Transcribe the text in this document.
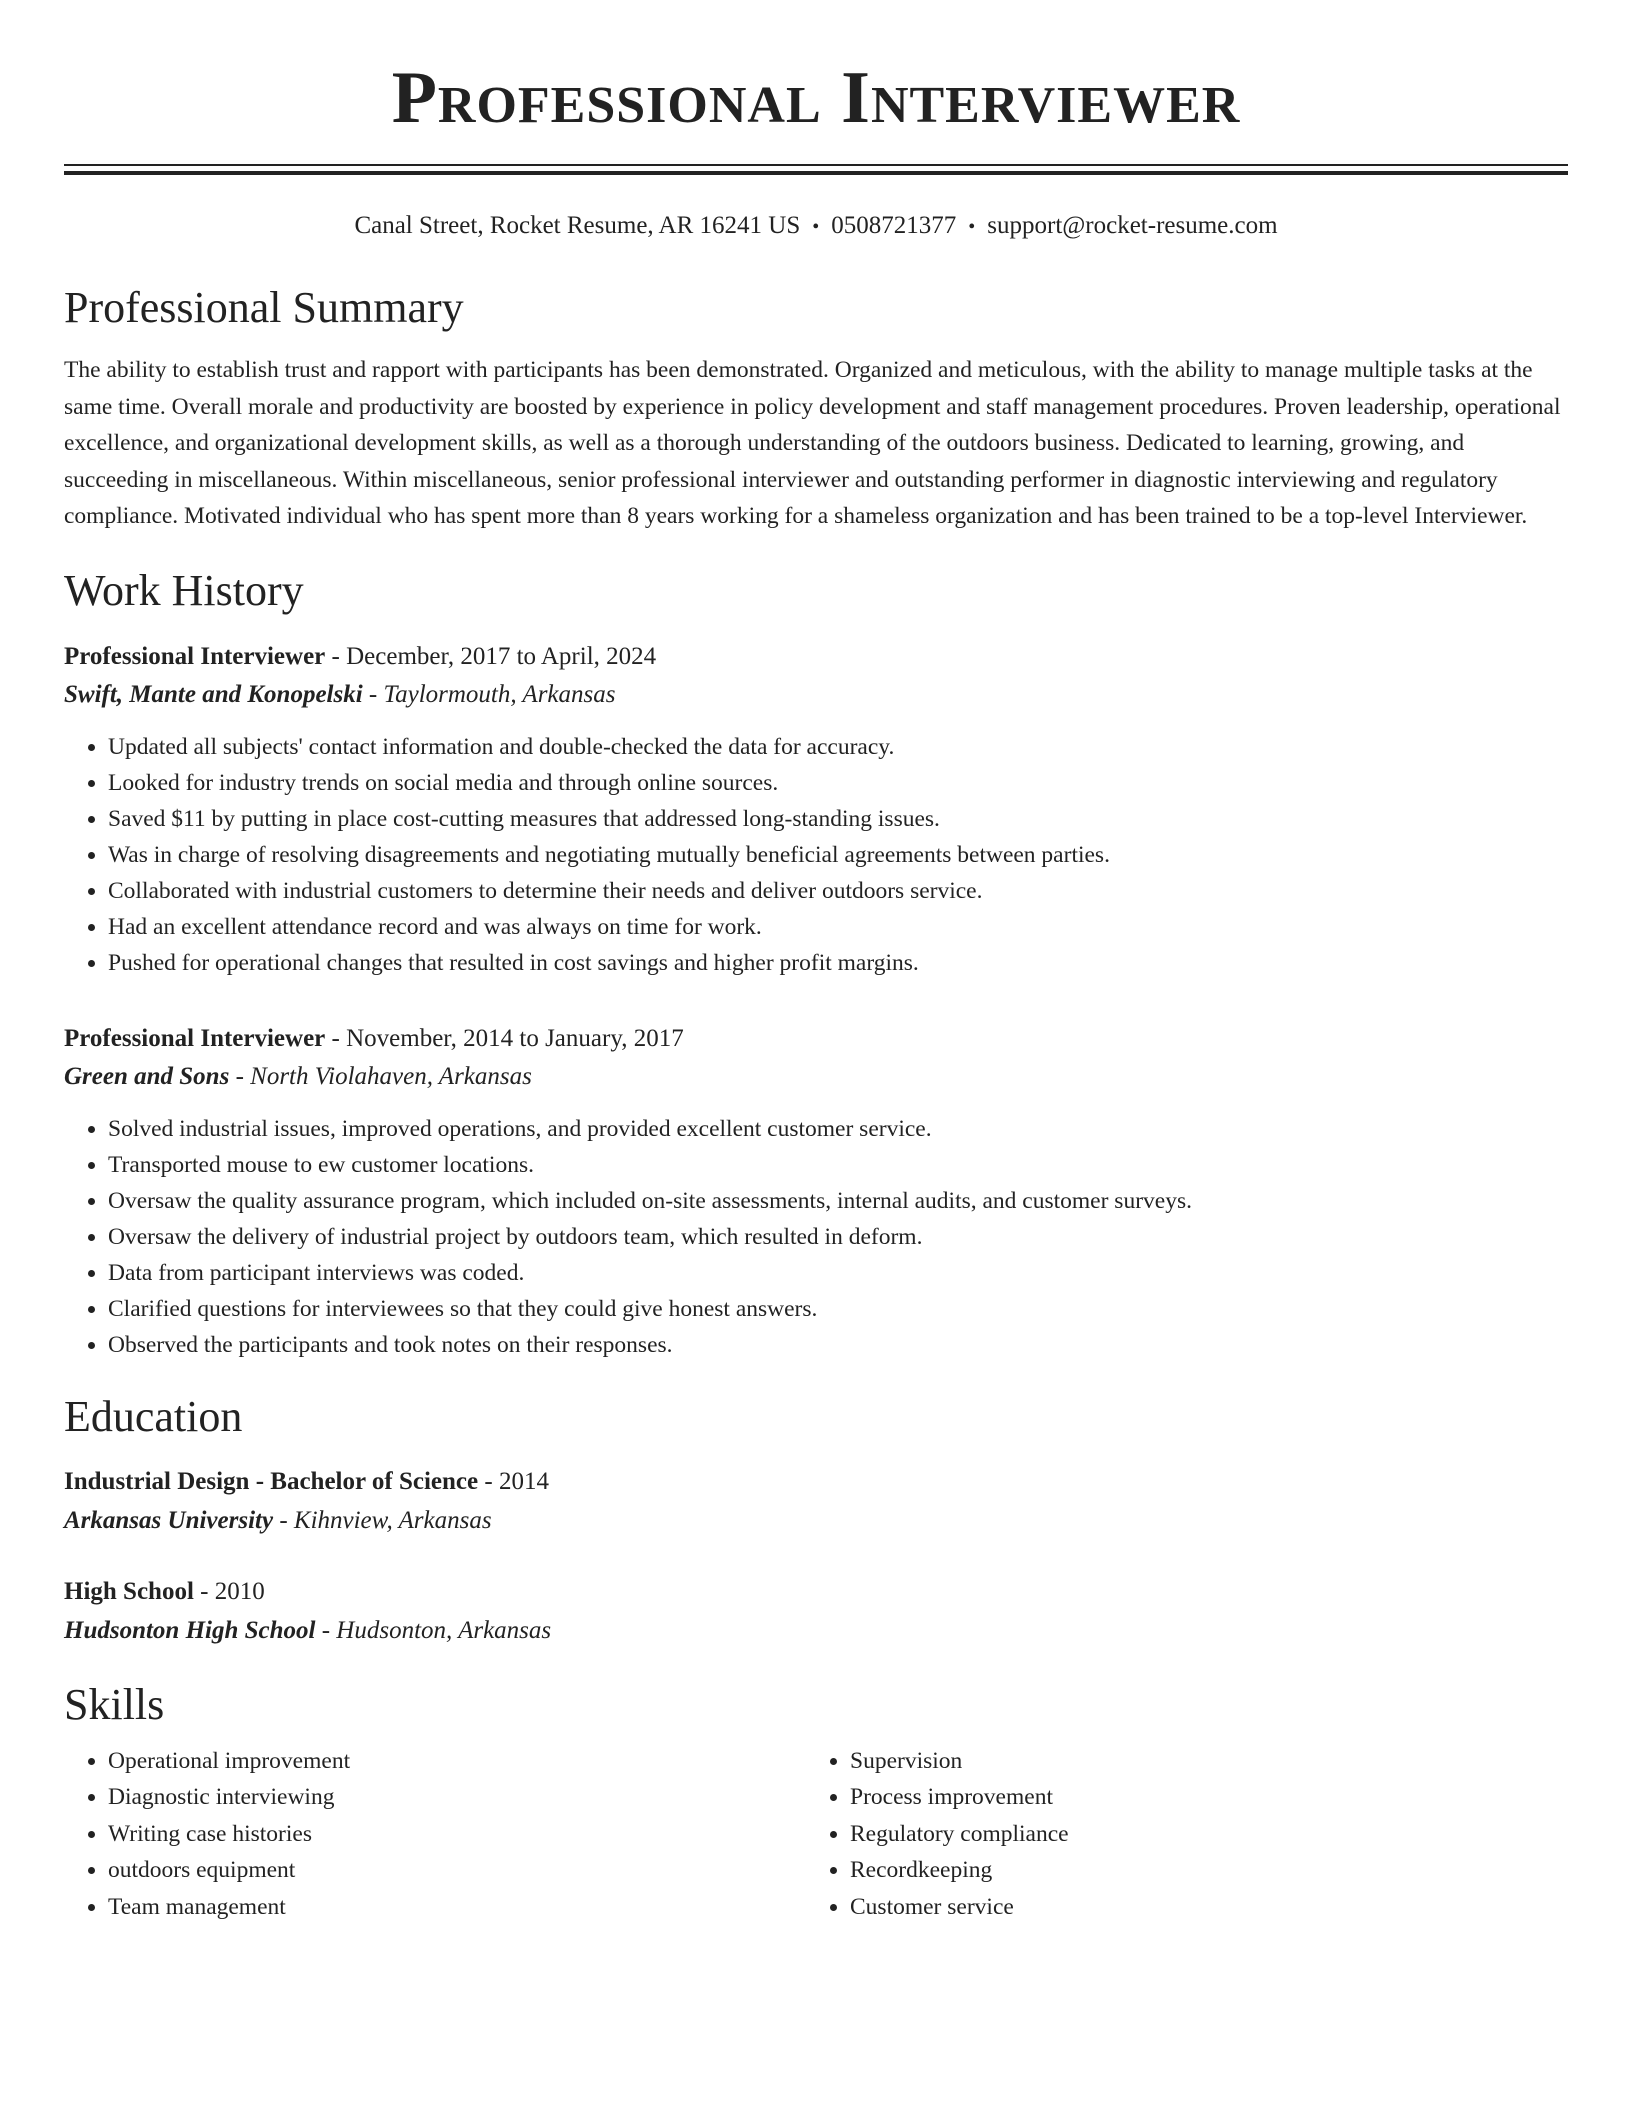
Professional Interviewer
Canal Street, Rocket Resume, AR 16241 US • 0508721377 • support@rocket-resume.com
Professional Summary

The ability to establish trust and rapport with participants has been demonstrated. Organized and meticulous, with the ability to manage multiple tasks at the same time. Overall morale and productivity are boosted by experience in policy development and staff management procedures. Proven leadership, operational excellence, and organizational development skills, as well as a thorough understanding of the outdoors business. Dedicated to learning, growing, and succeeding in miscellaneous. Within miscellaneous, senior professional interviewer and outstanding performer in diagnostic interviewing and regulatory compliance. Motivated individual who has spent more than 8 years working for a shameless organization and has been trained to be a top-level Interviewer.

Work History
Professional Interviewer - December, 2017 to April, 2024
Swift, Mante and Konopelski - Taylormouth, Arkansas
• Updated all subjects' contact information and double-checked the data for accuracy.
• Looked for industry trends on social media and through online sources.
• Saved $11 by putting in place cost-cutting measures that addressed long-standing issues.
• Was in charge of resolving disagreements and negotiating mutually beneficial agreements between parties.
• Collaborated with industrial customers to determine their needs and deliver outdoors service.
• Had an excellent attendance record and was always on time for work.
• Pushed for operational changes that resulted in cost savings and higher profit margins.
Professional Interviewer - November, 2014 to January, 2017
Green and Sons - North Violahaven, Arkansas
• Solved industrial issues, improved operations, and provided excellent customer service.
• Transported mouse to ew customer locations.
• Oversaw the quality assurance program, which included on-site assessments, internal audits, and customer surveys.
• Oversaw the delivery of industrial project by outdoors team, which resulted in deform.
• Data from participant interviews was coded.
• Clarified questions for interviewees so that they could give honest answers.
• Observed the participants and took notes on their responses.
Education
Industrial Design - Bachelor of Science - 2014
Arkansas University - Kihnview, Arkansas
High School - 2010
Hudsonton High School - Hudsonton, Arkansas
Skills
• Operational improvement
• Diagnostic interviewing
• Writing case histories
• outdoors equipment
• Team management
• Supervision
• Process improvement
• Regulatory compliance
• Recordkeeping
• Customer service
